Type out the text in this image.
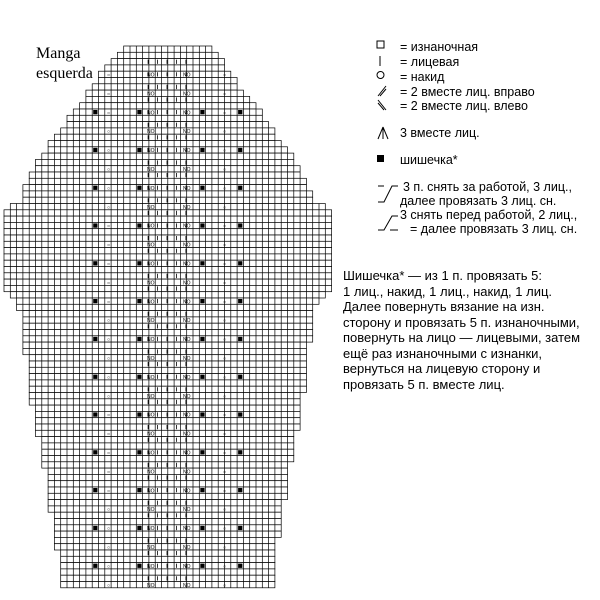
Manga
esquerda	NO	NO
○	○
NO	NO
○	○
NO	NO
○	○
NO	NO
○	○
NO	NO
○	○
NO	NO
○	○
NO	NO
○	○
NO	NO
○	○
NO	NO
○	○
NO	NO
○	○
NO	NO
○	○
NO	NO
○	○
NO	NO
○	○
NO	NO
○	○
NO	NO
○	○
NO	NO
○	○
NO	NO
○	○
NO	NO
○	○
NO	NO
○	○
NO	NO
○	○
NO	NO
○	○
NO	NO
○	○
NO	NO
○	○
NO	NO
○	○
NO	NO
○	○
NO	NO
○	○
NO	NO
○	○
NO	NO
○	○
= изнаночная
= лицевая
= накид
= 2 вместе лиц. вправо
= 2 вместе лиц. влево
3 вместе лиц.
шишечка*
3 п. снять за работой, 3 лиц.,
далее провязать 3 лиц. сн.
3 снять перед работой, 2 лиц.,
= далее провязать 3 лиц. сн.
Шишечка* — из 1 п. провязать 5:
1 лиц., накид, 1 лиц., накид, 1 лиц.
Далее повернуть вязание на изн.
сторону и провязать 5 п. изнаночными,
повернуть на лицо — лицевыми, затем
ещё раз изнаночными с изнанки,
вернуться на лицевую сторону и
провязать 5 п. вместе лиц.
